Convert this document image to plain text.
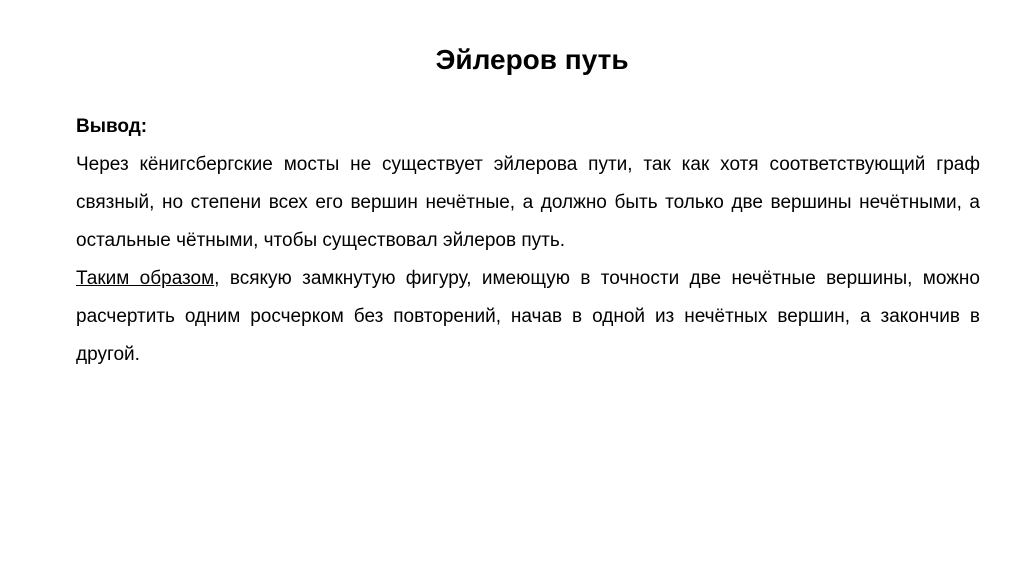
Эйлеров путь

Вывод:

Через кёнигсбергские мосты не существует эйлерова пути, так как хотя соответствующий граф связный, но степени всех его вершин нечётные, а должно быть только две вершины нечётными, а остальные чётными, чтобы существовал эйлеров путь.

Таким образом, всякую замкнутую фигуру, имеющую в точности две нечётные вершины, можно расчертить одним росчерком без повторений, начав в одной из нечётных вершин, а закончив в другой.
